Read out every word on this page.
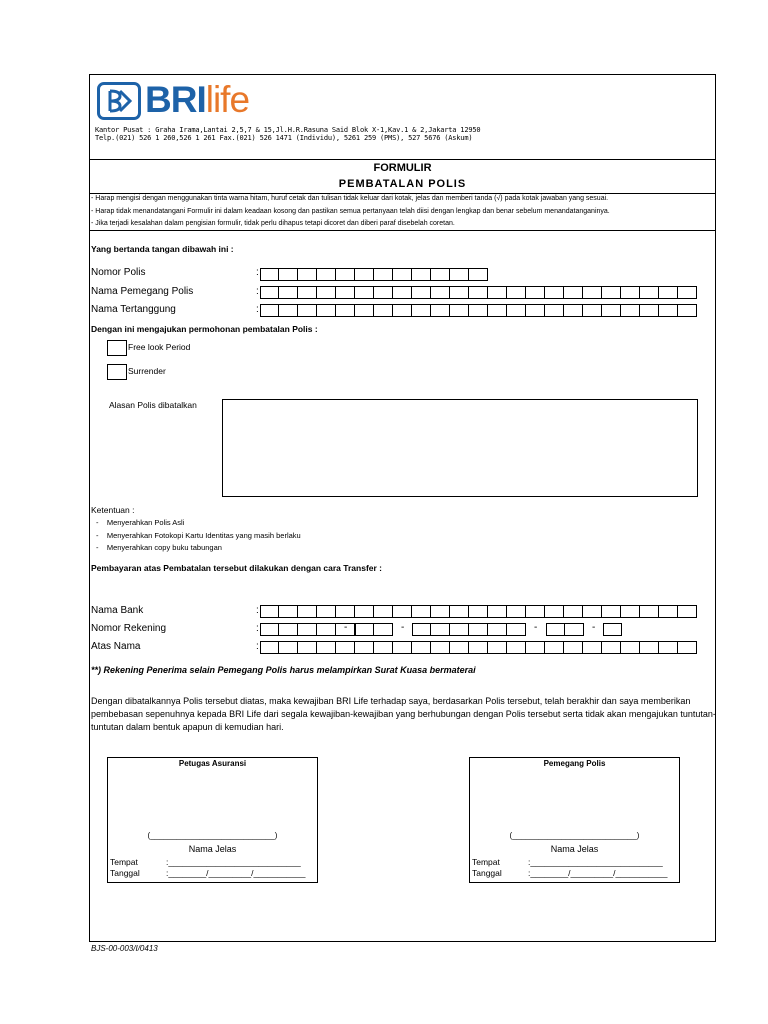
BRIlife
Kantor Pusat : Graha Irama,Lantai 2,5,7 & 15,Jl.H.R.Rasuna Said Blok X-1,Kav.1 & 2,Jakarta 12950
Telp.(021) 526 1 260,526 1 261 Fax.(021) 526 1471 (Individu), 5261 259 (PMS), 527 5676 (Askum)
FORMULIR
PEMBATALAN POLIS
- Harap mengisi dengan menggunakan tinta warna hitam, huruf cetak dan tulisan tidak keluar dari kotak, jelas dan memberi tanda (√) pada kotak jawaban yang sesuai.
- Harap tidak menandatangani Formulir ini dalam keadaan kosong dan pastikan semua pertanyaan telah diisi dengan lengkap dan benar sebelum menandatanganinya.
- Jika terjadi kesalahan dalam pengisian formulir, tidak perlu dihapus tetapi dicoret dan diberi paraf disebelah coretan.
Yang bertanda tangan dibawah ini :
Nomor Polis	:
Nama Pemegang Polis	:
Nama Tertanggung	:
Dengan ini mengajukan permohonan pembatalan Polis :
Free look Period
Surrender
Alasan Polis dibatalkan
Ketentuan :
- Menyerahkan Polis Asli
- Menyerahkan Fotokopi Kartu Identitas yang masih berlaku
- Menyerahkan copy buku tabungan
Pembayaran atas Pembatalan tersebut dilakukan dengan cara Transfer :
Nama Bank	:
Nomor Rekening	:	-	-	-	-
Atas Nama	:
**) Rekening Penerima selain Pemegang Polis harus melampirkan Surat Kuasa bermaterai
Dengan dibatalkannya Polis tersebut diatas, maka kewajiban BRI Life terhadap saya, berdasarkan Polis tersebut, telah berakhir dan saya memberikan
pembebasan sepenuhnya kepada BRI Life dari segala kewajiban-kewajiban yang berhubungan dengan Polis tersebut serta tidak akan mengajukan tuntutan-
tuntutan dalam bentuk apapun di kemudian hari.
Petugas Asuransi
(____________________________)
Nama Jelas
Tempat	:____________________________
Tanggal	:________/_________/___________
Pemegang Polis
(____________________________)
Nama Jelas
Tempat	:____________________________
Tanggal	:________/_________/___________
BJS-00-003/I/0413
